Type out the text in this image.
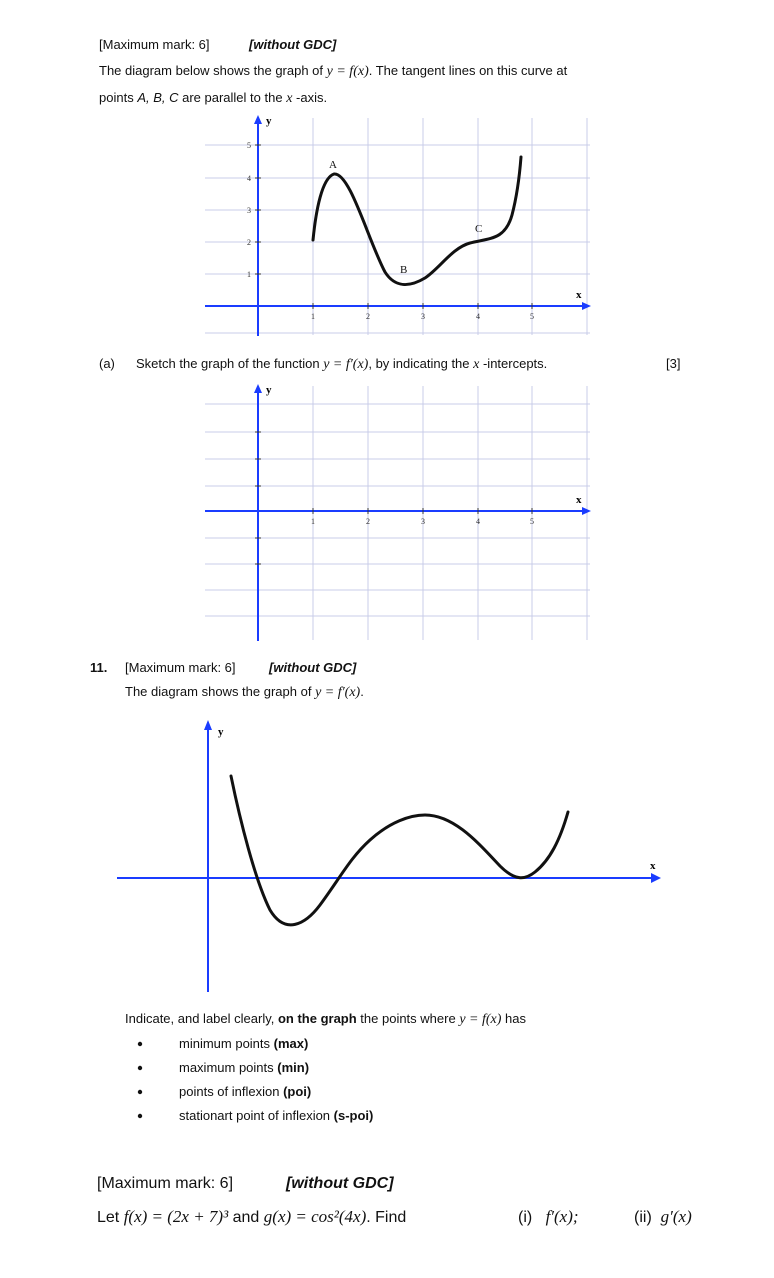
[Maximum mark: 6]	[without GDC]
The diagram below shows the graph of y = f(x). The tangent lines on this curve at
points A, B, C are parallel to the x -axis.
1	2	3	4	5
1
2
3
4
5
y
x
A
B
C
1	2	3	4	5
y
x
y
x
(a) Sketch the graph of the function y = f′(x), by indicating the x -intercepts.	[3]
11. [Maximum mark: 6]	[without GDC]
The diagram shows the graph of y = f′(x).
Indicate, and label clearly, on the graph the points where y = f(x) has
minimum points (max)
maximum points (min)
points of inflexion (poi)
stationart point of inflexion (s-poi)
[Maximum mark: 6]	[without GDC]
Let f(x) = (2x + 7)³ and g(x) = cos²(4x). Find	(i) f′(x);	(ii) g′(x)
